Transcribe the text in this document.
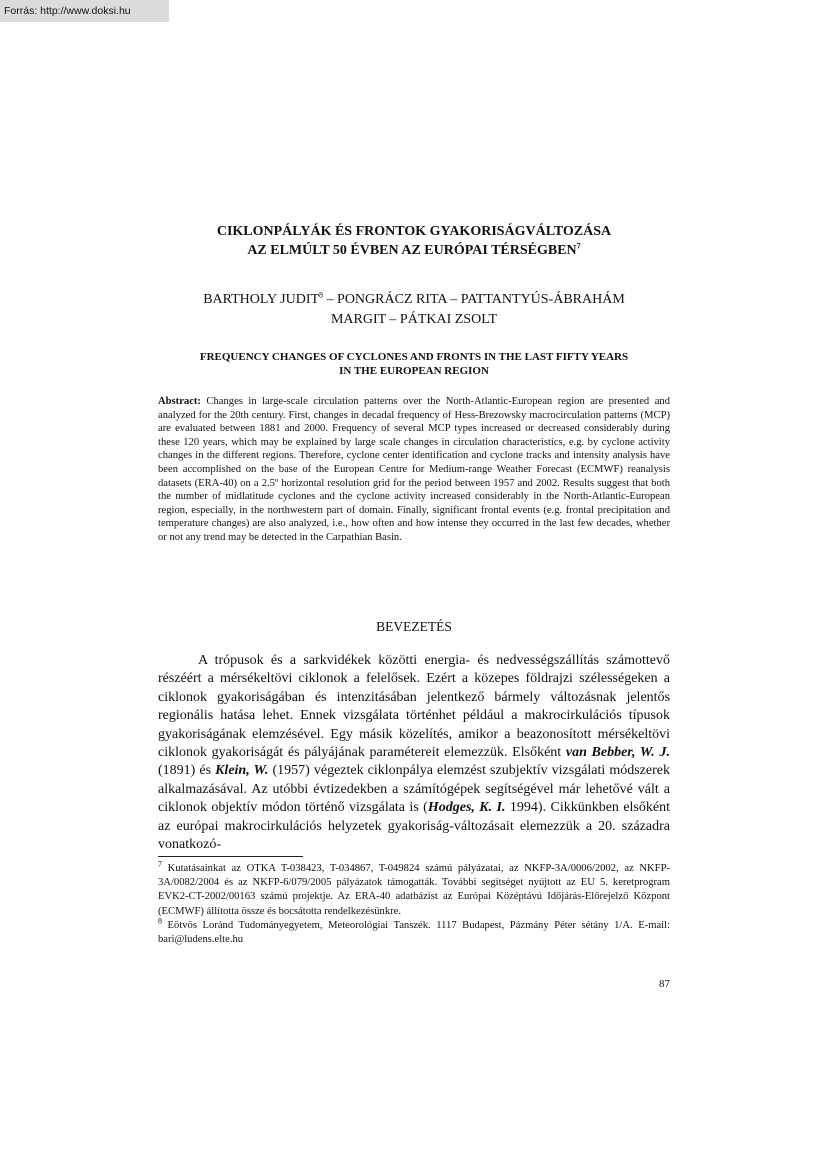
Forrás: http://www.doksi.hu
CIKLONPÁLYÁK ÉS FRONTOK GYAKORISÁGVÁLTOZÁSA
AZ ELMÚLT 50 ÉVBEN AZ EURÓPAI TÉRSÉGBEN$^7$
BARTHOLY JUDIT$^8$ – PONGRÁCZ RITA – PATTANTYÚS-ÁBRAHÁM
MARGIT – PÁTKAI ZSOLT
FREQUENCY CHANGES OF CYCLONES AND FRONTS IN THE LAST FIFTY YEARS
IN THE EUROPEAN REGION
Abstract: Changes in large-scale circulation patterns over the North-Atlantic-European region are presented and analyzed for the 20th century. First, changes in decadal frequency of Hess-Brezowsky macrocirculation patterns (MCP) are evaluated between 1881 and 2000. Frequency of several MCP types increased or decreased considerably during these 120 years, which may be explained by large scale changes in circulation characteristics, e.g. by cyclone activity changes in the different regions. Therefore, cyclone center identification and cyclone tracks and intensity analysis have been accomplished on the base of the European Centre for Medium-range Weather Forecast (ECMWF) reanalysis datasets (ERA-40) on a 2.5º horizontal resolution grid for the period between 1957 and 2002. Results suggest that both the number of midlatitude cyclones and the cyclone activity increased considerably in the North-Atlantic-European region, especially, in the northwestern part of domain. Finally, significant frontal events (e.g. frontal precipitation and temperature changes) are also analyzed, i.e., how often and how intense they occurred in the last few decades, whether or not any trend may be detected in the Carpathian Basin.
BEVEZETÉS

A trópusok és a sarkvidékek közötti energia- és nedvességszállítás számottevő részéért a mérsékeltövi ciklonok a felelősek. Ezért a közepes földrajzi szélességeken a ciklonok gyakoriságában és intenzitásában jelentkező bármely változásnak jelentős regionális hatása lehet. Ennek vizsgálata történhet például a makrocirkulációs típusok gyakoriságának elemzésével. Egy másik közelítés, amikor a beazonosított mérsékeltövi ciklonok gyakoriságát és pályájának paramétereit elemezzük. Elsőként van Bebber, W. J. (1891) és Klein, W. (1957) végeztek ciklonpálya elemzést szubjektív vizsgálati módszerek alkalmazásával. Az utóbbi évtizedekben a számítógépek segítségével már lehetővé vált a ciklonok objektív módon történő vizsgálata is (Hodges, K. I. 1994). Cikkünkben elsőként az európai makrocirkulációs helyzetek gyakoriság-változásait elemezzük a 20. századra vonatkozó-

$^7$ Kutatásainkat az OTKA T-038423, T-034867, T-049824 számú pályázatai, az NKFP-3A/0006/2002, az NKFP-3A/0082/2004 és az NKFP-6/079/2005 pályázatok támogatták. További segítséget nyújtott az EU 5. keretprogram EVK2-CT-2002/00163 számú projektje. Az ERA-40 adatbázist az Európai Középtávú Időjárás-Előrejelző Központ (ECMWF) állította össze és bocsátotta rendelkezésünkre.

$^8$ Eötvös Loránd Tudományegyetem, Meteorológiai Tanszék. 1117 Budapest, Pázmány Péter sétány 1/A. E-mail: bari@ludens.elte.hu

87
